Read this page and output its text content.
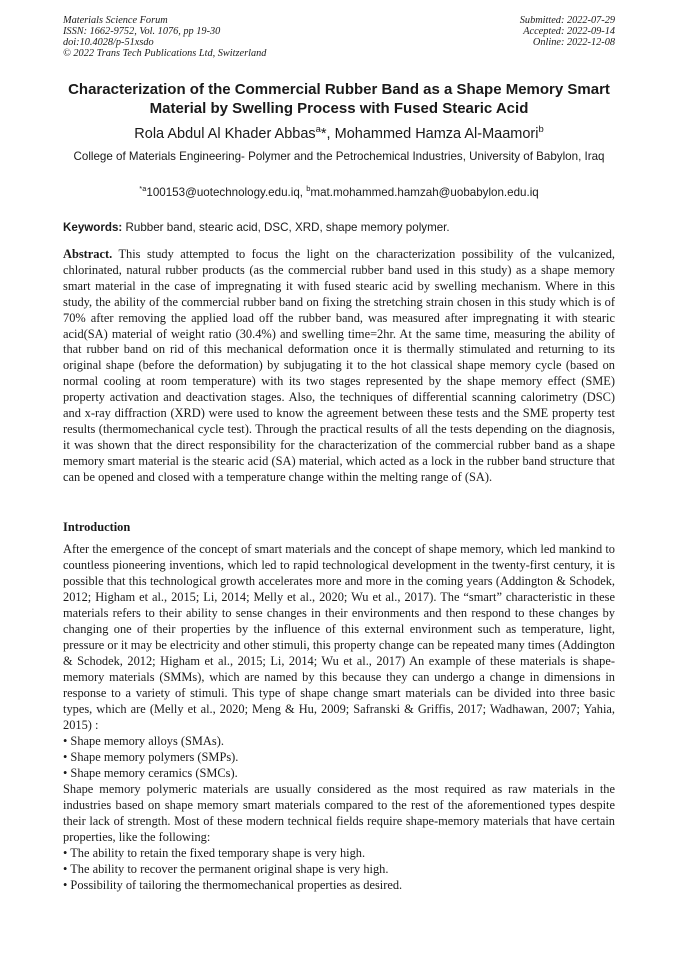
Materials Science Forum
ISSN: 1662-9752, Vol. 1076, pp 19-30
doi:10.4028/p-51xsdo
© 2022 Trans Tech Publications Ltd, Switzerland
Submitted: 2022-07-29
Accepted: 2022-09-14
Online: 2022-12-08
Characterization of the Commercial Rubber Band as a Shape Memory Smart Material by Swelling Process with Fused Stearic Acid
Rola Abdul Al Khader Abbas$^a$*, Mohammed Hamza Al-Maamori$^b$
College of Materials Engineering- Polymer and the Petrochemical Industries, University of Babylon, Iraq
$^{*a}$100153@uotechnology.edu.iq, $^b$mat.mohammed.hamzah@uobabylon.edu.iq
Keywords: Rubber band, stearic acid, DSC, XRD, shape memory polymer.
Abstract. This study attempted to focus the light on the characterization possibility of the vulcanized, chlorinated, natural rubber products (as the commercial rubber band used in this study) as a shape memory smart material in the case of impregnating it with fused stearic acid by swelling mechanism. Where in this study, the ability of the commercial rubber band on fixing the stretching strain chosen in this study which is of 70% after removing the applied load off the rubber band, was measured after impregnating it with stearic acid(SA) material of weight ratio (30.4%) and swelling time=2hr. At the same time, measuring the ability of that rubber band on rid of this mechanical deformation once it is thermally stimulated and returning to its original shape (before the deformation) by subjugating it to the hot classical shape memory cycle (based on normal cooling at room temperature) with its two stages represented by the shape memory effect (SME) property activation and deactivation stages. Also, the techniques of differential scanning calorimetry (DSC) and x-ray diffraction (XRD) were used to know the agreement between these tests and the SME property test results (thermomechanical cycle test). Through the practical results of all the tests depending on the diagnosis, it was shown that the direct responsibility for the characterization of the commercial rubber band as a shape memory smart material is the stearic acid (SA) material, which acted as a lock in the rubber band structure that can be opened and closed with a temperature change within the melting range of (SA).
Introduction

After the emergence of the concept of smart materials and the concept of shape memory, which led mankind to countless pioneering inventions, which led to rapid technological development in the twenty-first century, it is possible that this technological growth accelerates more and more in the coming years (Addington & Schodek, 2012; Higham et al., 2015; Li, 2014; Melly et al., 2020; Wu et al., 2017). The “smart” characteristic in these materials refers to their ability to sense changes in their environments and then respond to these changes by changing one of their properties by the influence of this external environment such as temperature, light, pressure or it may be electricity and other stimuli, this property change can be repeated many times (Addington & Schodek, 2012; Higham et al., 2015; Li, 2014; Wu et al., 2017) An example of these materials is shape-memory materials (SMMs), which are named by this because they can undergo a change in dimensions in response to a variety of stimuli. This type of shape change smart materials can be divided into three basic types, which are (Melly et al., 2020; Meng & Hu, 2009; Safranski & Griffis, 2017; Wadhawan, 2007; Yahia, 2015) :

• Shape memory alloys (SMAs).
• Shape memory polymers (SMPs).
• Shape memory ceramics (SMCs).

Shape memory polymeric materials are usually considered as the most required as raw materials in the industries based on shape memory smart materials compared to the rest of the aforementioned types despite their lack of strength. Most of these modern technical fields require shape-memory materials that have certain properties, like the following:

• The ability to retain the fixed temporary shape is very high.
• The ability to recover the permanent original shape is very high.
• Possibility of tailoring the thermomechanical properties as desired.
